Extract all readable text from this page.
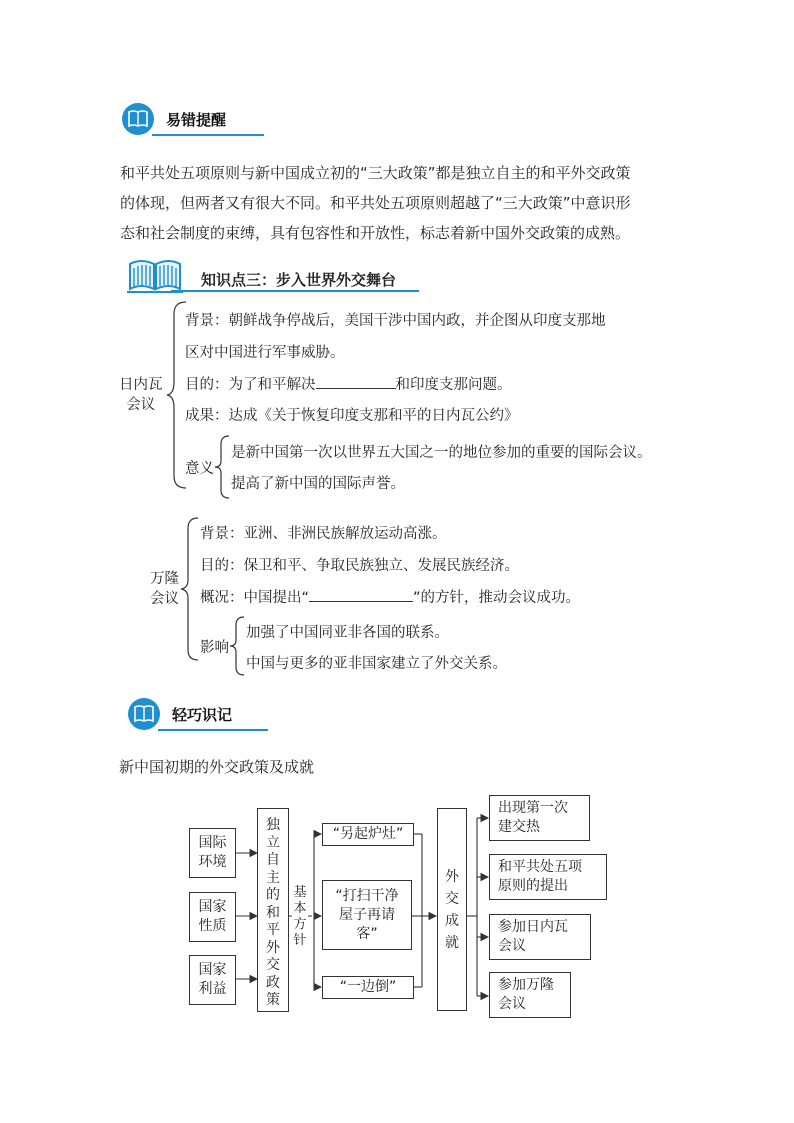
易错提醒
和平共处五项原则与新中国成立初的“三大政策”都是独立自主的和平外交政策
的体现，但两者又有很大不同。和平共处五项原则超越了“三大政策”中意识形
态和社会制度的束缚，具有包容性和开放性，标志着新中国外交政策的成熟。
知识点三：步入世界外交舞台
日内瓦
会议
背景：朝鲜战争停战后，美国干涉中国内政，并企图从印度支那地
区对中国进行军事威胁。
目的：为了和平解决	和印度支那问题。
成果：达成《关于恢复印度支那和平的日内瓦公约》
意义
是新中国第一次以世界五大国之一的地位参加的重要的国际会议。
提高了新中国的国际声誉。
万隆
会议
背景：亚洲、非洲民族解放运动高涨。
目的：保卫和平、争取民族独立、发展民族经济。
概况：中国提出“	”的方针，推动会议成功。
影响
加强了中国同亚非各国的联系。
中国与更多的亚非国家建立了外交关系。
轻巧识记
新中国初期的外交政策及成就
国际
环境
国家
性质
国家
利益
独
立
自
主
的
和
平
外
交
政
策
基
本
方
针
“另起炉灶”
“打扫干净
屋子再请
客”
“一边倒”
外
交
成
就
出现第一次
建交热
和平共处五项
原则的提出
参加日内瓦
会议
参加万隆
会议
